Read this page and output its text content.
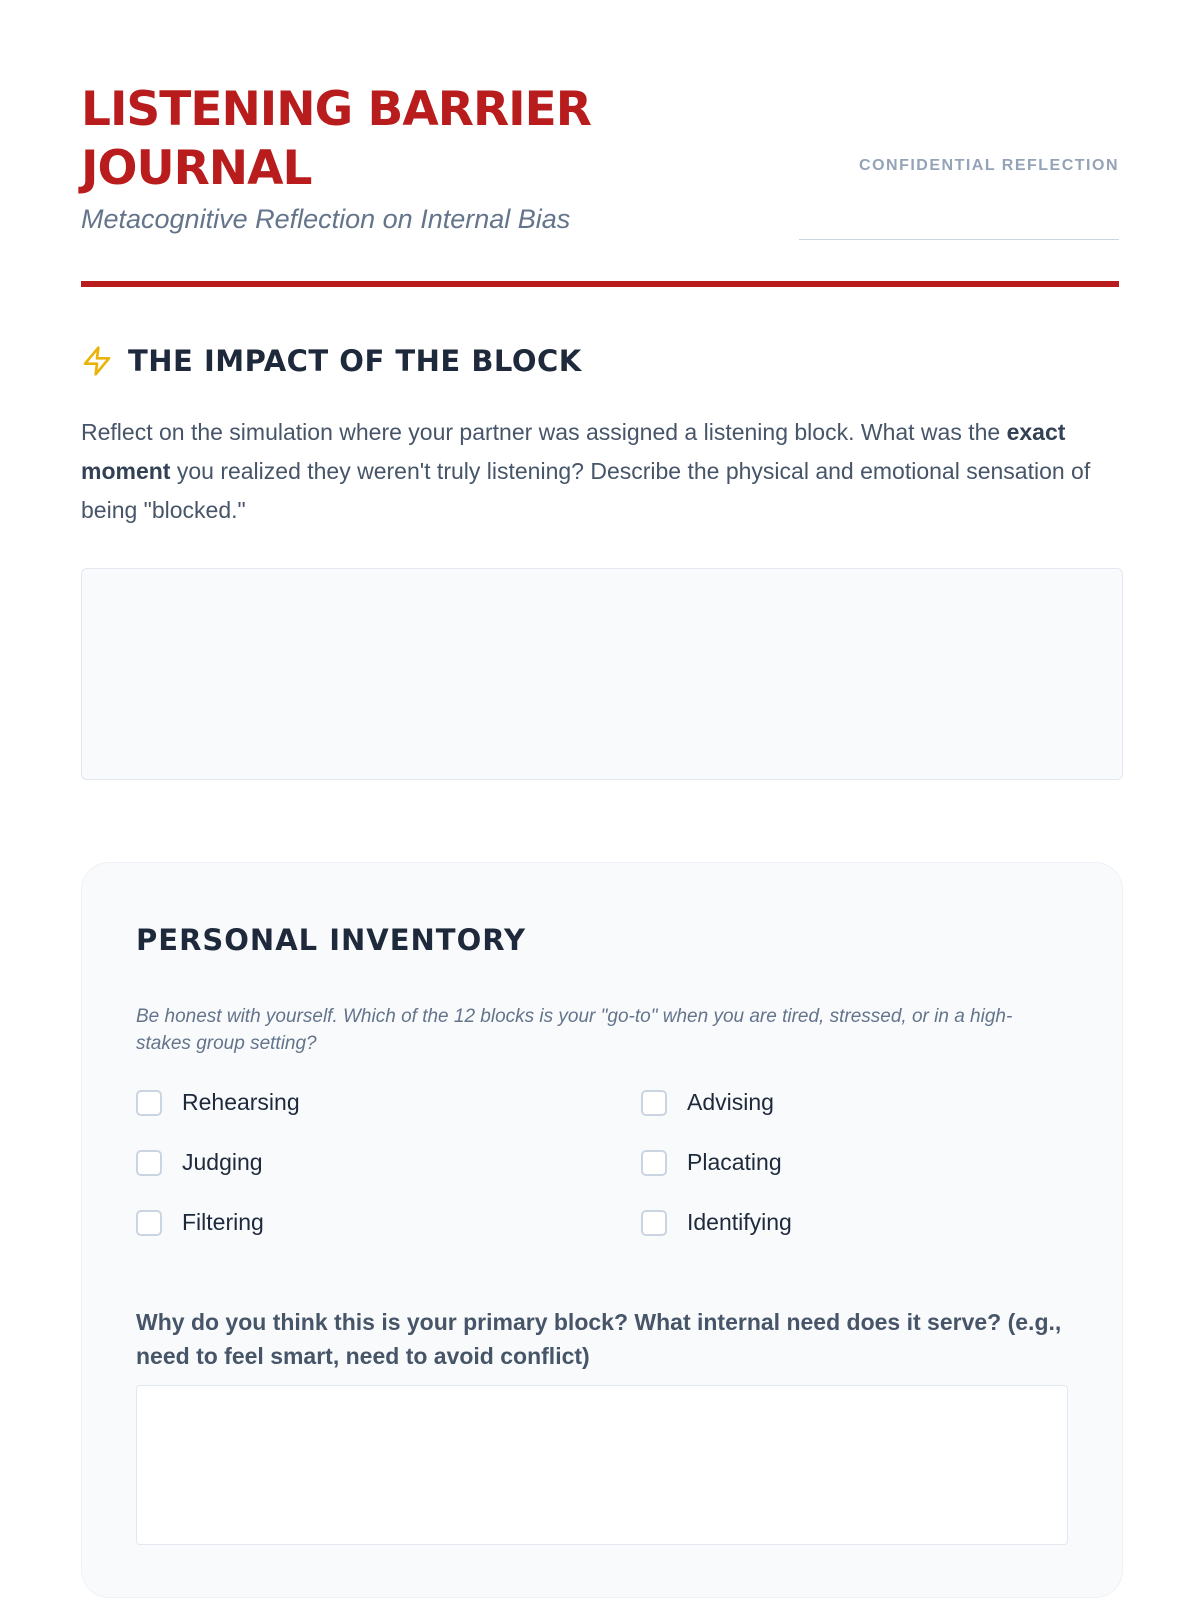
LISTENING BARRIER JOURNAL
Metacognitive Reflection on Internal Bias
CONFIDENTIAL REFLECTION
THE IMPACT OF THE BLOCK

Reflect on the simulation where your partner was assigned a listening block. What was the exact moment you realized they weren't truly listening? Describe the physical and emotional sensation of being "blocked."

PERSONAL INVENTORY

Be honest with yourself. Which of the 12 blocks is your "go-to" when you are tired, stressed, or in a high-stakes group setting?

Rehearsing	Advising
Judging	Placating
Filtering	Identifying

Why do you think this is your primary block? What internal need does it serve? (e.g., need to feel smart, need to avoid conflict)
